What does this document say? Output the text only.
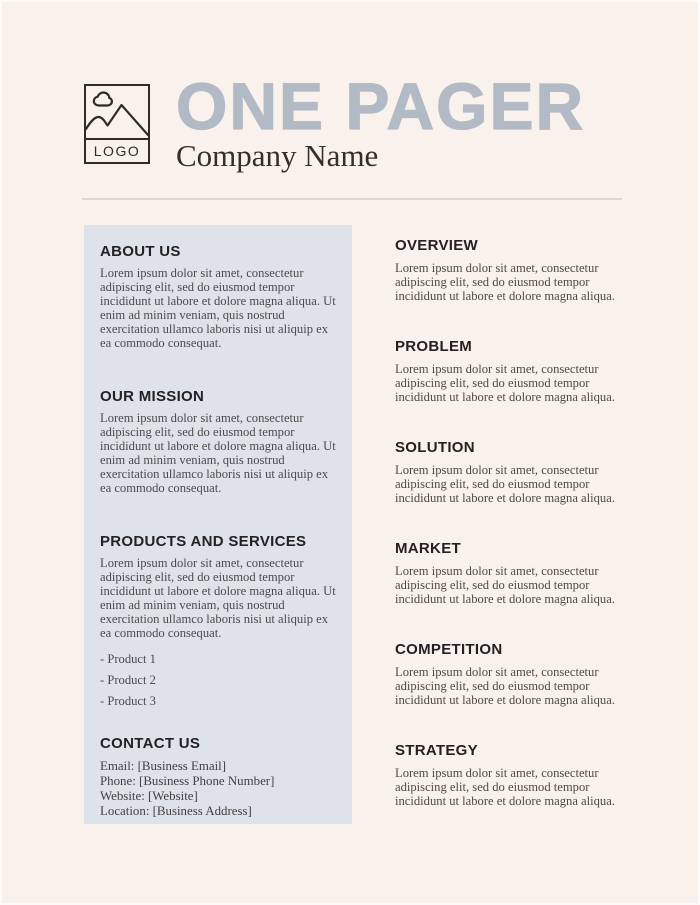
LOGO
ONE PAGER
Company Name
ABOUT US

Lorem ipsum dolor sit amet, consectetur adipiscing elit, sed do eiusmod tempor incididunt ut labore et dolore magna aliqua. Ut enim ad minim veniam, quis nostrud exercitation ullamco laboris nisi ut aliquip ex ea commodo consequat.

OUR MISSION

Lorem ipsum dolor sit amet, consectetur adipiscing elit, sed do eiusmod tempor incididunt ut labore et dolore magna aliqua. Ut enim ad minim veniam, quis nostrud exercitation ullamco laboris nisi ut aliquip ex ea commodo consequat.

PRODUCTS AND SERVICES

Lorem ipsum dolor sit amet, consectetur adipiscing elit, sed do eiusmod tempor incididunt ut labore et dolore magna aliqua. Ut enim ad minim veniam, quis nostrud exercitation ullamco laboris nisi ut aliquip ex ea commodo consequat.

- Product 1
- Product 2
- Product 3
CONTACT US
Email: [Business Email]
Phone: [Business Phone Number]
Website: [Website]
Location: [Business Address]
OVERVIEW

Lorem ipsum dolor sit amet, consectetur adipiscing elit, sed do eiusmod tempor incididunt ut labore et dolore magna aliqua.

PROBLEM

Lorem ipsum dolor sit amet, consectetur adipiscing elit, sed do eiusmod tempor incididunt ut labore et dolore magna aliqua.

SOLUTION

Lorem ipsum dolor sit amet, consectetur adipiscing elit, sed do eiusmod tempor incididunt ut labore et dolore magna aliqua.

MARKET

Lorem ipsum dolor sit amet, consectetur adipiscing elit, sed do eiusmod tempor incididunt ut labore et dolore magna aliqua.

COMPETITION

Lorem ipsum dolor sit amet, consectetur adipiscing elit, sed do eiusmod tempor incididunt ut labore et dolore magna aliqua.

STRATEGY

Lorem ipsum dolor sit amet, consectetur adipiscing elit, sed do eiusmod tempor incididunt ut labore et dolore magna aliqua.
